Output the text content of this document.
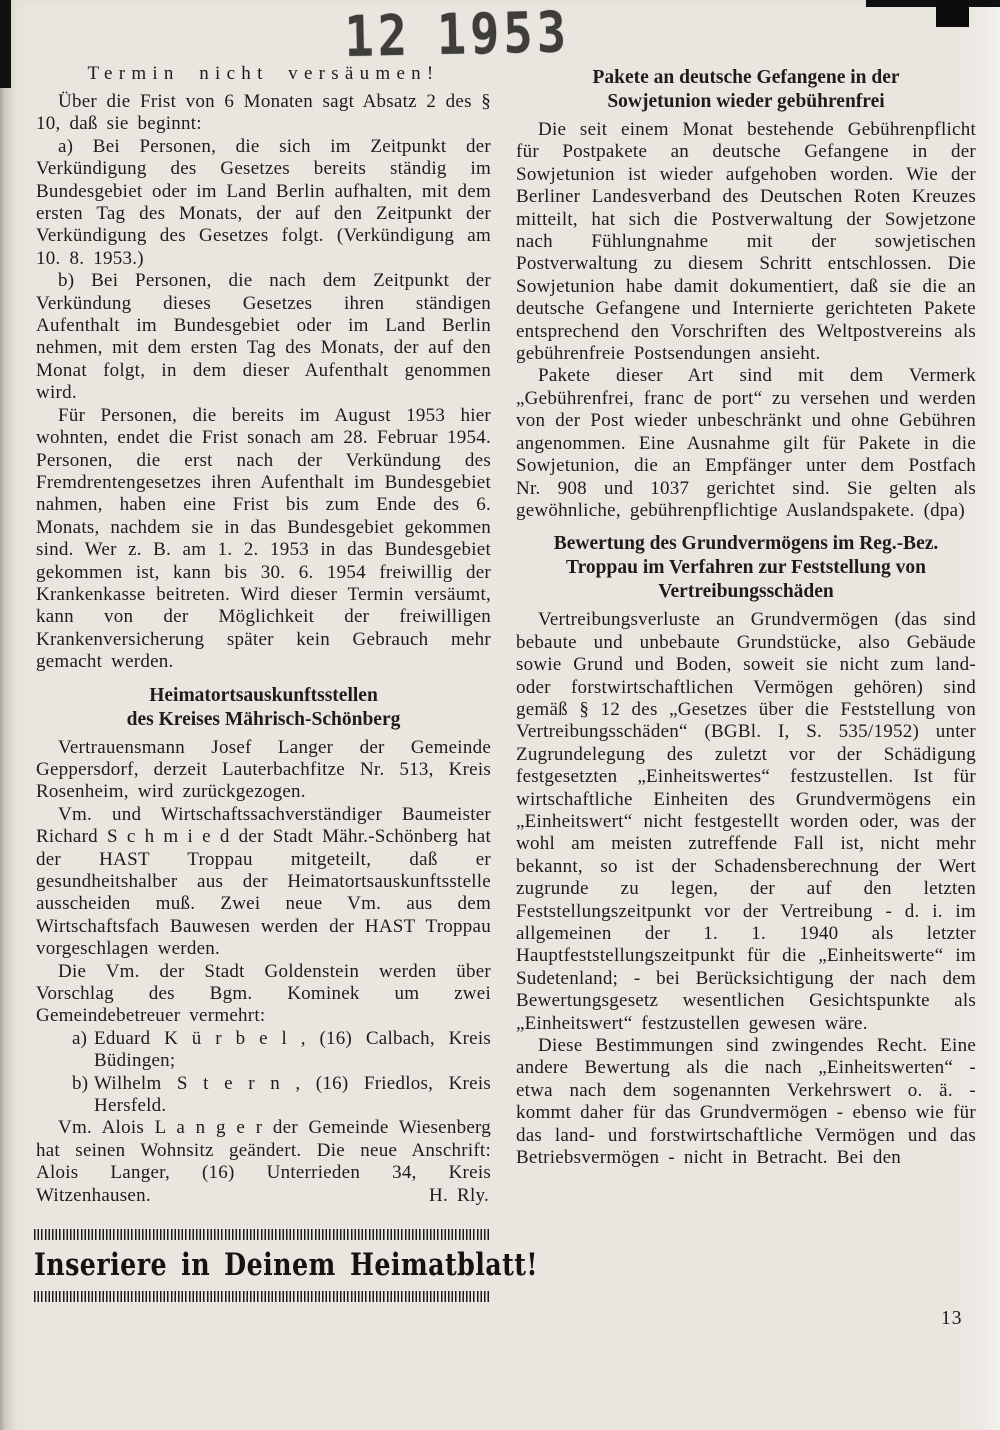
12 1953
Termin nicht versäumen!

Über die Frist von 6 Monaten sagt Absatz 2 des § 10, daß sie beginnt:

a) Bei Personen, die sich im Zeitpunkt der Verkündigung des Gesetzes bereits ständig im Bundesgebiet oder im Land Berlin aufhalten, mit dem ersten Tag des Monats, der auf den Zeitpunkt der Verkündigung des Gesetzes folgt. (Verkündigung am 10. 8. 1953.)

b) Bei Personen, die nach dem Zeitpunkt der Verkündung dieses Gesetzes ihren ständigen Aufenthalt im Bundesgebiet oder im Land Berlin nehmen, mit dem ersten Tag des Monats, der auf den Monat folgt, in dem dieser Aufenthalt genommen wird.

Für Personen, die bereits im August 1953 hier wohnten, endet die Frist sonach am 28. Februar 1954. Personen, die erst nach der Verkündung des Fremdrentengesetzes ihren Aufenthalt im Bundesgebiet nahmen, haben eine Frist bis zum Ende des 6. Monats, nachdem sie in das Bundesgebiet gekommen sind. Wer z. B. am 1. 2. 1953 in das Bundesgebiet gekommen ist, kann bis 30. 6. 1954 freiwillig der Krankenkasse beitreten. Wird dieser Termin versäumt, kann von der Möglichkeit der freiwilligen Krankenversicherung später kein Gebrauch mehr gemacht werden.

Heimatortsauskunftsstellen
des Kreises Mährisch-Schönberg

Vertrauensmann Josef Langer der Gemeinde Geppersdorf, derzeit Lauterbachfitze Nr. 513, Kreis Rosenheim, wird zurückgezogen.

Vm. und Wirtschaftssachverständiger Baumeister Richard S c h m i e d der Stadt Mähr.-Schönberg hat der HAST Troppau mitgeteilt, daß er gesundheitshalber aus der Heimatortsauskunftsstelle ausscheiden muß. Zwei neue Vm. aus dem Wirtschaftsfach Bauwesen werden der HAST Troppau vorgeschlagen werden.

Die Vm. der Stadt Goldenstein werden über Vorschlag des Bgm. Kominek um zwei Gemeindebetreuer vermehrt:

a) Eduard K ü r b e l , (16) Calbach, Kreis Büdingen;
b) Wilhelm S t e r n , (16) Friedlos, Kreis Hersfeld.

Vm. Alois L a n g e r der Gemeinde Wiesenberg hat seinen Wohnsitz geändert. Die neue Anschrift: Alois Langer, (16) Unterrieden 34, Kreis Witzenhausen.	H. Rly.

Pakete an deutsche Gefangene in der
Sowjetunion wieder gebührenfrei

Die seit einem Monat bestehende Gebührenpflicht für Postpakete an deutsche Gefangene in der Sowjetunion ist wieder aufgehoben worden. Wie der Berliner Landesverband des Deutschen Roten Kreuzes mitteilt, hat sich die Postverwaltung der Sowjetzone nach Fühlungnahme mit der sowjetischen Postverwaltung zu diesem Schritt entschlossen. Die Sowjetunion habe damit dokumentiert, daß sie die an deutsche Gefangene und Internierte gerichteten Pakete entsprechend den Vorschriften des Weltpostvereins als gebührenfreie Postsendungen ansieht.

Pakete dieser Art sind mit dem Vermerk „Gebührenfrei, franc de port“ zu versehen und werden von der Post wieder unbeschränkt und ohne Gebühren angenommen. Eine Ausnahme gilt für Pakete in die Sowjetunion, die an Empfänger unter dem Postfach Nr. 908 und 1037 gerichtet sind. Sie gelten als gewöhnliche, gebührenpflichtige Auslandspakete. (dpa)

Bewertung des Grundvermögens im Reg.-Bez.
Troppau im Verfahren zur Feststellung von
Vertreibungsschäden

Vertreibungsverluste an Grundvermögen (das sind bebaute und unbebaute Grundstücke, also Gebäude sowie Grund und Boden, soweit sie nicht zum land- oder forstwirtschaftlichen Vermögen gehören) sind gemäß § 12 des „Gesetzes über die Feststellung von Vertreibungsschäden“ (BGBl. I, S. 535/1952) unter Zugrundelegung des zuletzt vor der Schädigung festgesetzten „Einheitswertes“ festzustellen. Ist für wirtschaftliche Einheiten des Grundvermögens ein „Einheitswert“ nicht festgestellt worden oder, was der wohl am meisten zutreffende Fall ist, nicht mehr bekannt, so ist der Schadensberechnung der Wert zugrunde zu legen, der auf den letzten Feststellungszeitpunkt vor der Vertreibung - d. i. im allgemeinen der 1. 1. 1940 als letzter Hauptfeststellungszeitpunkt für die „Einheitswerte“ im Sudetenland; - bei Berücksichtigung der nach dem Bewertungsgesetz wesentlichen Gesichtspunkte als „Einheitswert“ festzustellen gewesen wäre.

Diese Bestimmungen sind zwingendes Recht. Eine andere Bewertung als die nach „Einheitswerten“ - etwa nach dem sogenannten Verkehrswert o. ä. - kommt daher für das Grundvermögen - ebenso wie für das land- und forstwirtschaftliche Vermögen und das Betriebsvermögen - nicht in Betracht. Bei den

Inseriere in Deinem Heimatblatt!
13
